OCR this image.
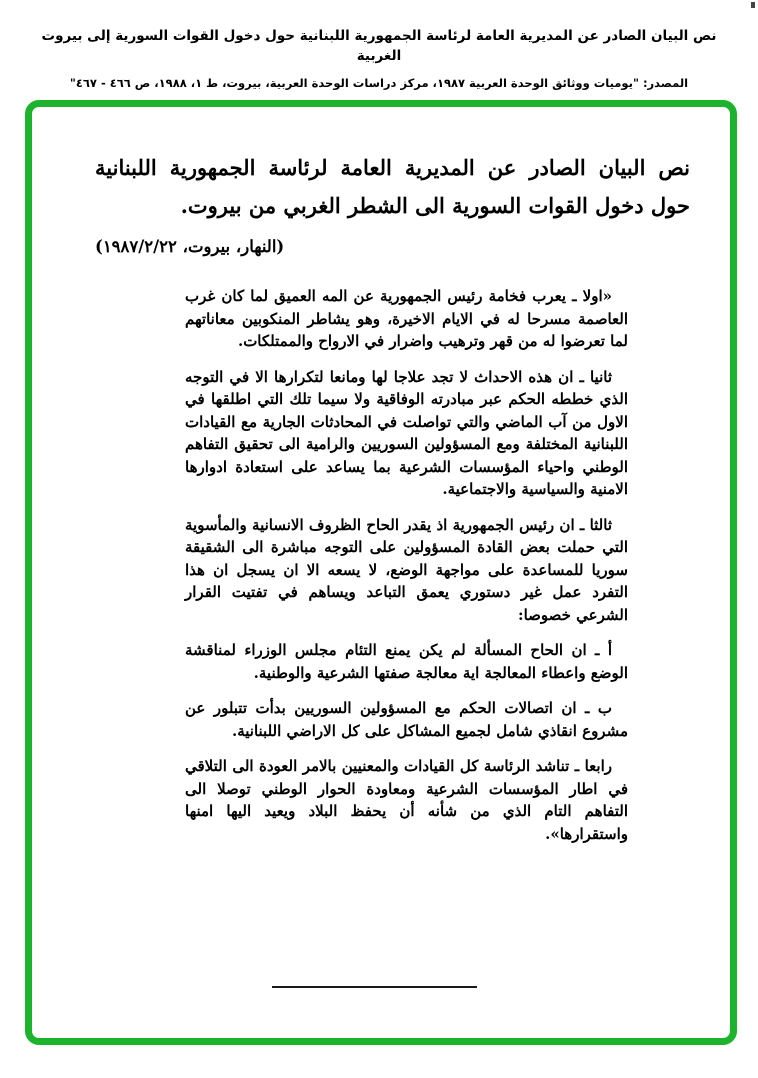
نص البيان الصادر عن المديرية العامة لرئاسة الجمهورية اللبنانية حول دخول القوات السورية إلى بيروت الغربية
المصدر: "يوميات ووثائق الوحدة العربية ١٩٨٧، مركز دراسات الوحدة العربية، بيروت، ط ١، ١٩٨٨، ص ٤٦٦ - ٤٦٧"
نص البيان الصادر عن المديرية العامة لرئاسة الجمهورية اللبنانية حول دخول القوات السورية الى الشطر الغربي من بيروت.
(النهار، بيروت، ١٩٨٧/٢/٢٢)

«اولا ـ يعرب فخامة رئيس الجمهورية عن المه العميق لما كان غرب العاصمة مسرحا له في الايام الاخيرة، وهو يشاطر المنكوبين معاناتهم لما تعرضوا له من قهر وترهيب واضرار في الارواح والممتلكات.

ثانيا ـ ان هذه الاحداث لا تجد علاجا لها ومانعا لتكرارها الا في التوجه الذي خططه الحكم عبر مبادرته الوفاقية ولا سيما تلك التي اطلقها في الاول من آب الماضي والتي تواصلت في المحادثات الجارية مع القيادات اللبنانية المختلفة ومع المسؤولين السوريين والرامية الى تحقيق التفاهم الوطني واحياء المؤسسات الشرعية بما يساعد على استعادة ادوارها الامنية والسياسية والاجتماعية.

ثالثا ـ ان رئيس الجمهورية اذ يقدر الحاح الظروف الانسانية والمأسوية التي حملت بعض القادة المسؤولين على التوجه مباشرة الى الشقيقة سوريا للمساعدة على مواجهة الوضع، لا يسعه الا ان يسجل ان هذا التفرد عمل غير دستوري يعمق التباعد ويساهم في تفتيت القرار الشرعي خصوصا:

أ ـ ان الحاح المسألة لم يكن يمنع التئام مجلس الوزراء لمناقشة الوضع واعطاء المعالجة اية معالجة صفتها الشرعية والوطنية.

ب ـ ان اتصالات الحكم مع المسؤولين السوريين بدأت تتبلور عن مشروع انقاذي شامل لجميع المشاكل على كل الاراضي اللبنانية.

رابعا ـ تناشد الرئاسة كل القيادات والمعنيين بالامر العودة الى التلاقي في اطار المؤسسات الشرعية ومعاودة الحوار الوطني توصلا الى التفاهم التام الذي من شأنه أن يحفظ البلاد ويعيد اليها امنها واستقرارها».
